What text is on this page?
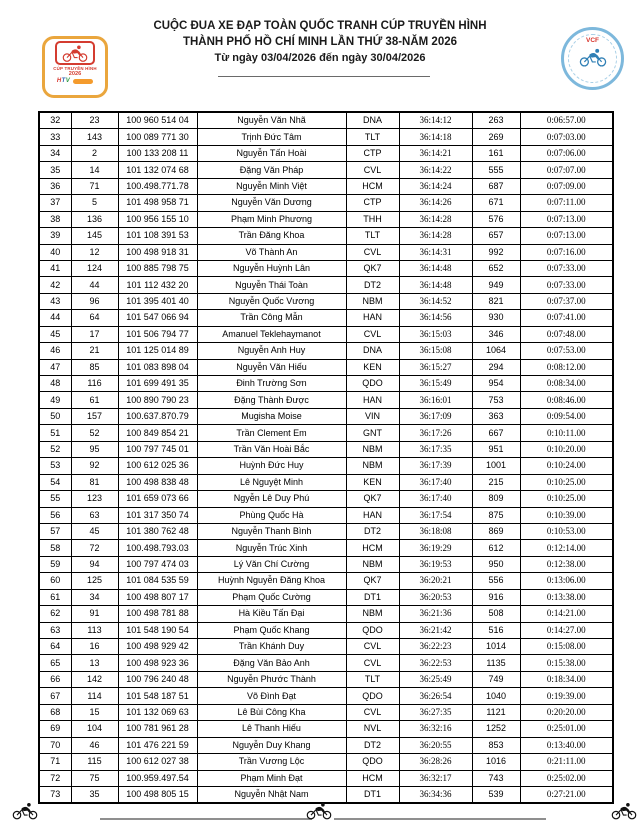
CUỘC ĐUA XE ĐẠP TOÀN QUỐC TRANH CÚP TRUYỀN HÌNH
THÀNH PHỐ HỒ CHÍ MINH LẦN THỨ 38-NĂM 2026
Từ ngày 03/04/2026 đến ngày 30/04/2026
CÚP TRUYỀN HÌNH
2026
HTV
VCF
32	23	100 960 514 04	Nguyễn Văn Nhã	DNA	36:14:12	263	0:06:57.00
33	143	100 089 771 30	Trịnh Đức Tâm	TLT	36:14:18	269	0:07:03.00
34	2	100 133 208 11	Nguyễn Tấn Hoài	CTP	36:14:21	161	0:07:06.00
35	14	101 132 074 68	Đặng Văn Pháp	CVL	36:14:22	555	0:07:07.00
36	71	100.498.771.78	Nguyễn Minh Việt	HCM	36:14:24	687	0:07:09.00
37	5	101 498 958 71	Nguyễn Văn Dương	CTP	36:14:26	671	0:07:11.00
38	136	100 956 155 10	Phạm Minh Phương	THH	36:14:28	576	0:07:13.00
39	145	101 108 391 53	Trần Đăng Khoa	TLT	36:14:28	657	0:07:13.00
40	12	100 498 918 31	Võ Thành An	CVL	36:14:31	992	0:07:16.00
41	124	100 885 798 75	Nguyễn Huỳnh Lân	QK7	36:14:48	652	0:07:33.00
42	44	101 112 432 20	Nguyễn Thái Toàn	DT2	36:14:48	949	0:07:33.00
43	96	101 395 401 40	Nguyễn Quốc Vương	NBM	36:14:52	821	0:07:37.00
44	64	101 547 066 94	Trần Công Mẫn	HAN	36:14:56	930	0:07:41.00
45	17	101 506 794 77	Amanuel Teklehaymanot	CVL	36:15:03	346	0:07:48.00
46	21	101 125 014 89	Nguyễn Anh Huy	DNA	36:15:08	1064	0:07:53.00
47	85	101 083 898 04	Nguyễn Văn Hiếu	KEN	36:15:27	294	0:08:12.00
48	116	101 699 491 35	Đinh Trường Sơn	QDO	36:15:49	954	0:08:34.00
49	61	100 890 790 23	Đặng Thành Được	HAN	36:16:01	753	0:08:46.00
50	157	100.637.870.79	Mugisha Moise	VIN	36:17:09	363	0:09:54.00
51	52	100 849 854 21	Trần Clement Em	GNT	36:17:26	667	0:10:11.00
52	95	100 797 745 01	Trần Văn Hoài Bắc	NBM	36:17:35	951	0:10:20.00
53	92	100 612 025 36	Huỳnh Đức Huy	NBM	36:17:39	1001	0:10:24.00
54	81	100 498 838 48	Lê Nguyệt Minh	KEN	36:17:40	215	0:10:25.00
55	123	101 659 073 66	Ngyễn Lê Duy Phú	QK7	36:17:40	809	0:10:25.00
56	63	101 317 350 74	Phùng Quốc Hà	HAN	36:17:54	875	0:10:39.00
57	45	101 380 762 48	Nguyễn Thanh Bình	DT2	36:18:08	869	0:10:53.00
58	72	100.498.793.03	Nguyễn Trúc Xinh	HCM	36:19:29	612	0:12:14.00
59	94	100 797 474 03	Lý Văn Chí Cường	NBM	36:19:53	950	0:12:38.00
60	125	101 084 535 59	Huỳnh Nguyễn Đăng Khoa	QK7	36:20:21	556	0:13:06.00
61	34	100 498 807 17	Phạm Quốc Cường	DT1	36:20:53	916	0:13:38.00
62	91	100 498 781 88	Hà Kiều Tấn Đại	NBM	36:21:36	508	0:14:21.00
63	113	101 548 190 54	Phạm Quốc Khang	QDO	36:21:42	516	0:14:27.00
64	16	100 498 929 42	Trần Khánh Duy	CVL	36:22:23	1014	0:15:08.00
65	13	100 498 923 36	Đặng Văn Bảo Anh	CVL	36:22:53	1135	0:15:38.00
66	142	100 796 240 48	Nguyễn Phước Thành	TLT	36:25:49	749	0:18:34.00
67	114	101 548 187 51	Võ Đình Đạt	QDO	36:26:54	1040	0:19:39.00
68	15	101 132 069 63	Lê Bùi Công Kha	CVL	36:27:35	1121	0:20:20.00
69	104	100 781 961 28	Lê Thanh Hiếu	NVL	36:32:16	1252	0:25:01.00
70	46	101 476 221 59	Nguyễn Duy Khang	DT2	36:20:55	853	0:13:40.00
71	115	100 612 027 38	Trần Vương Lộc	QDO	36:28:26	1016	0:21:11.00
72	75	100.959.497.54	Phạm Minh Đạt	HCM	36:32:17	743	0:25:02.00
73	35	100 498 805 15	Nguyễn Nhật Nam	DT1	36:34:36	539	0:27:21.00
